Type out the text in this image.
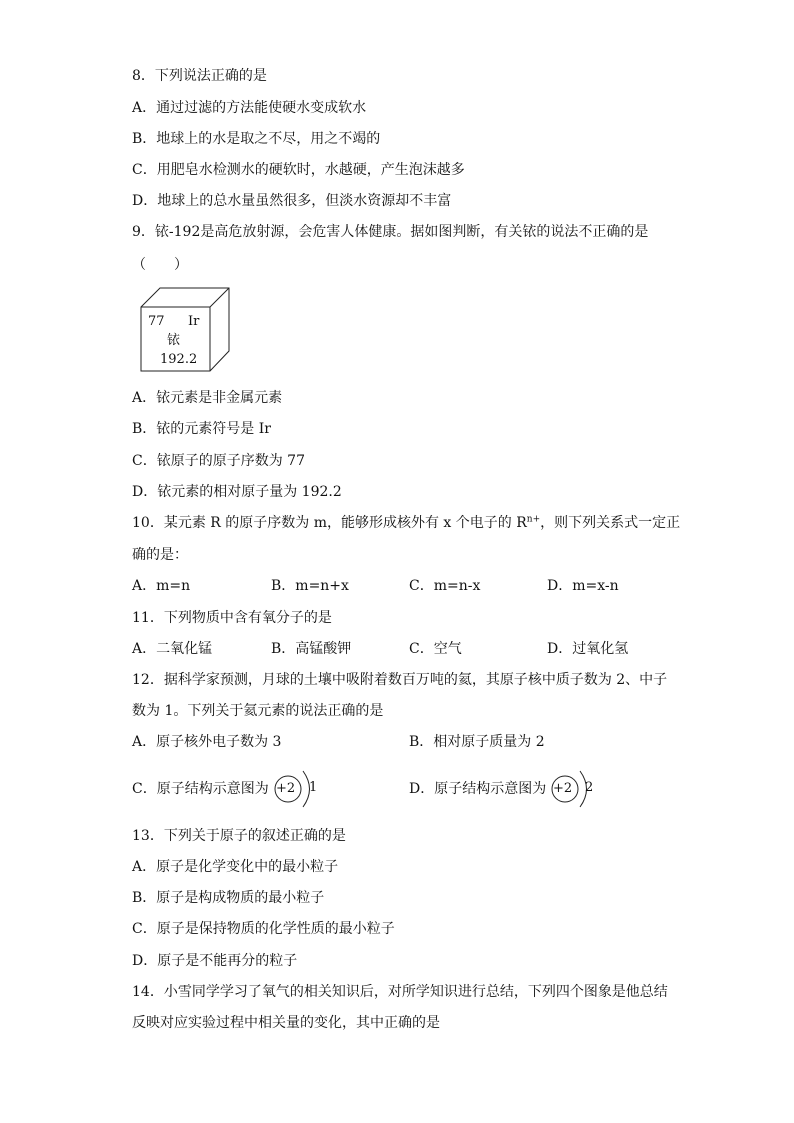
8．下列说法正确的是
A．通过过滤的方法能使硬水变成软水
B．地球上的水是取之不尽，用之不竭的
C．用肥皂水检测水的硬软时，水越硬，产生泡沫越多
D．地球上的总水量虽然很多，但淡水资源却不丰富
9．铱-192是高危放射源，会危害人体健康。据如图判断，有关铱的说法不正确的是
（　　）
77 Ir
铱
192.2
A．铱元素是非金属元素
B．铱的元素符号是 Ir
C．铱原子的原子序数为 77
D．铱元素的相对原子量为 192.2
10．某元素 R 的原子序数为 m，能够形成核外有 x 个电子的 $R^{n+}$，则下列关系式一定正
确的是：
A．m=n	B．m=n+x	C．m=n-x	D．m=x-n
11．下列物质中含有氧分子的是
A．二氧化锰	B．高锰酸钾	C．空气	D．过氧化氢
12．据科学家预测，月球的土壤中吸附着数百万吨的氦，其原子核中质子数为 2、中子
数为 1。下列关于氦元素的说法正确的是
A．原子核外电子数为 3	B．相对原子质量为 2
C．原子结构示意图为 +2 1	D．原子结构示意图为 +2 2
13．下列关于原子的叙述正确的是
A．原子是化学变化中的最小粒子
B．原子是构成物质的最小粒子
C．原子是保持物质的化学性质的最小粒子
D．原子是不能再分的粒子
14．小雪同学学习了氧气的相关知识后，对所学知识进行总结，下列四个图象是他总结
反映对应实验过程中相关量的变化，其中正确的是
